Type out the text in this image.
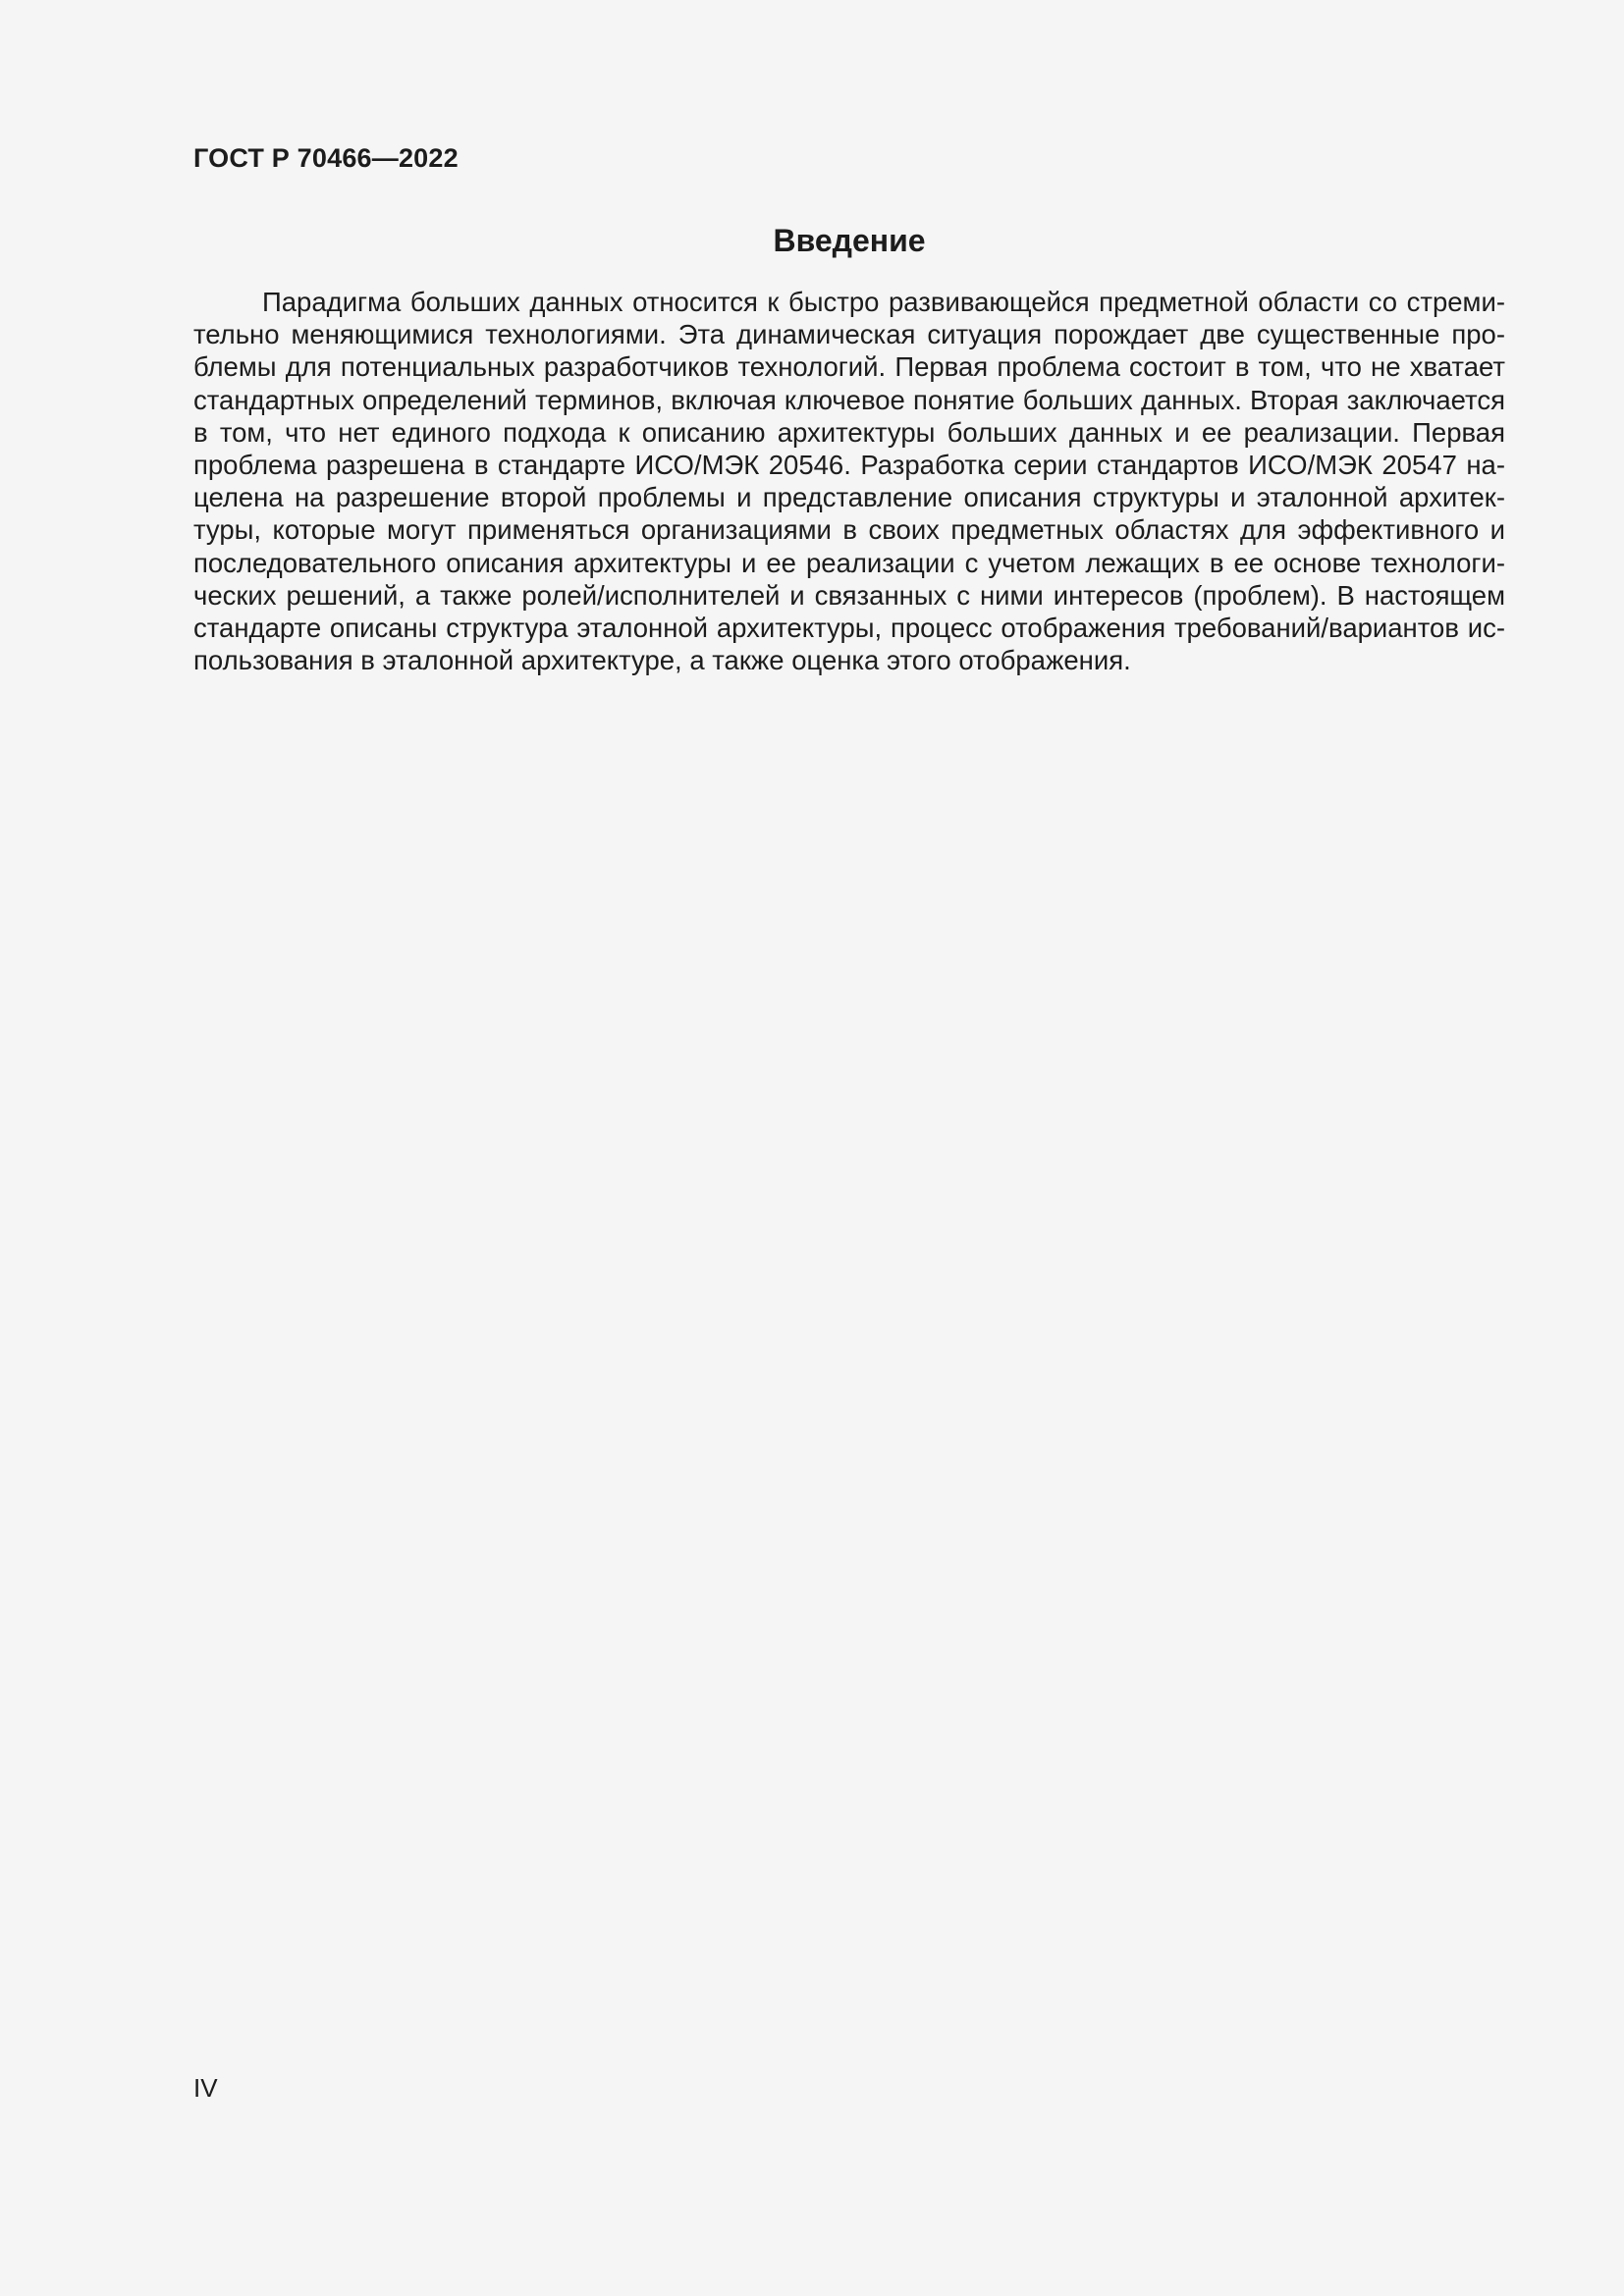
ГОСТ Р 70466—2022
Введение

Парадигма больших данных относится к быстро развивающейся предметной области со стремительно меняющимися технологиями. Эта динамическая ситуация порождает две существенные проблемы для потенциальных разработчиков технологий. Первая проблема состоит в том, что не хватает стандартных определений терминов, включая ключевое понятие больших данных. Вторая заключается в том, что нет единого подхода к описанию архитектуры больших данных и ее реализации. Первая проблема разрешена в стандарте ИСО/МЭК 20546. Разработка серии стандартов ИСО/МЭК 20547 нацелена на разрешение второй проблемы и представление описания структуры и эталонной архитектуры, которые могут применяться организациями в своих предметных областях для эффективного и последовательного описания архитектуры и ее реализации с учетом лежащих в ее основе технологических решений, а также ролей/исполнителей и связанных с ними интересов (проблем). В настоящем стандарте описаны структура эталонной архитектуры, процесс отображения требований/вариантов использования в эталонной архитектуре, а также оценка этого отображения.

IV
